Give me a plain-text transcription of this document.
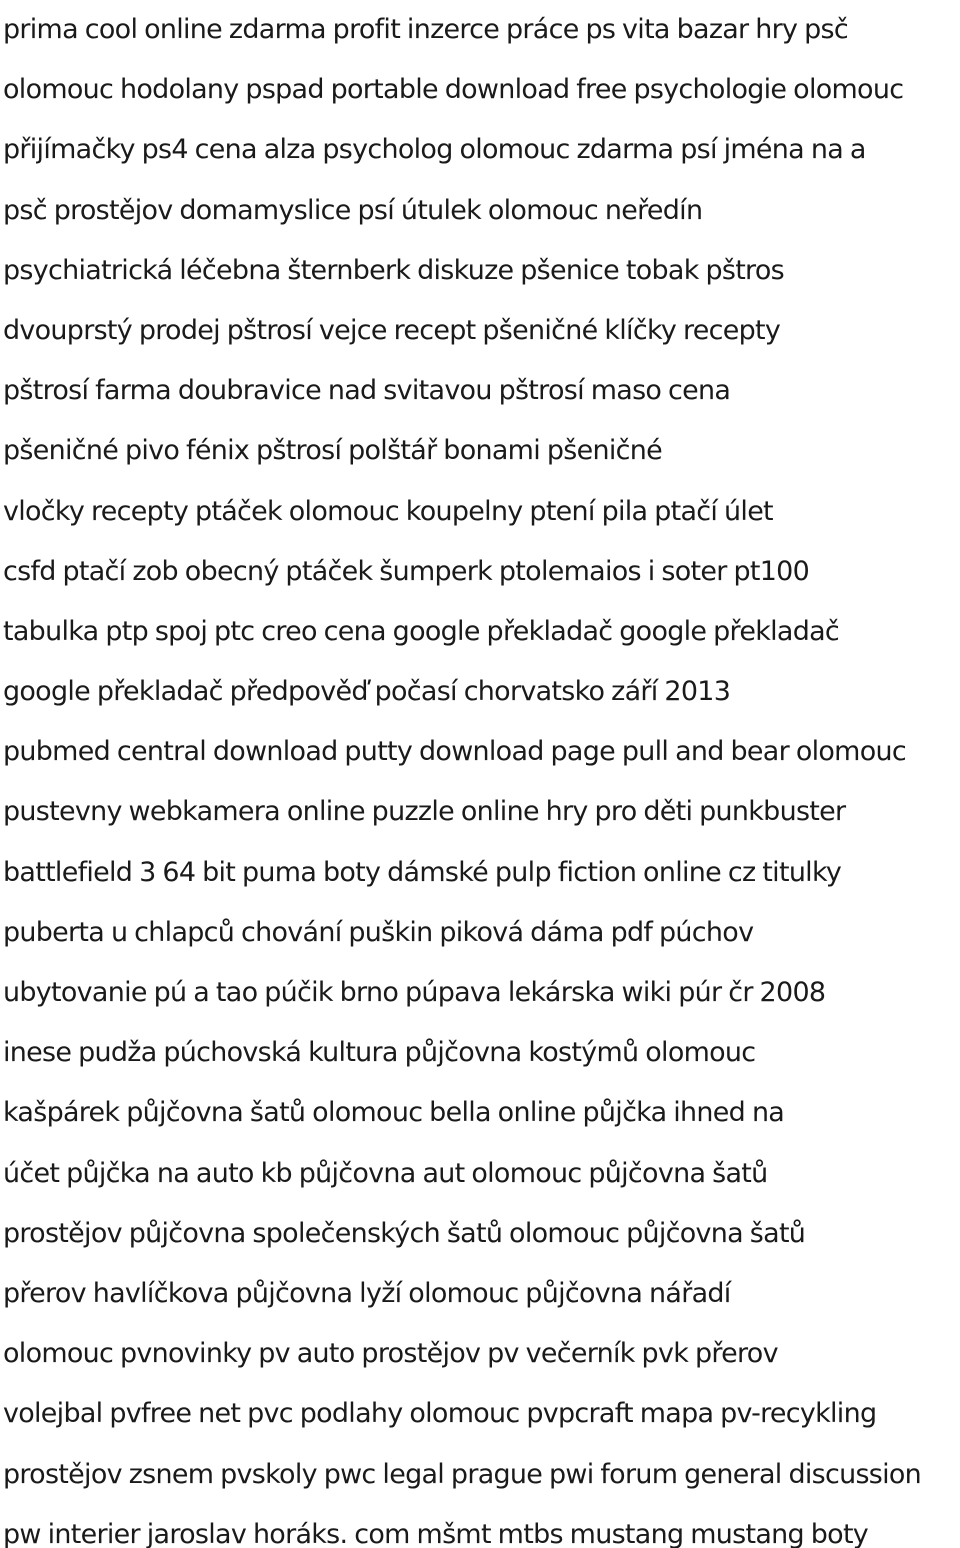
prima cool online zdarma profit inzerce práce ps vita bazar hry psč
olomouc hodolany pspad portable download free psychologie olomouc
přijímačky ps4 cena alza psycholog olomouc zdarma psí jména na a
psč prostějov domamyslice psí útulek olomouc neředín
psychiatrická léčebna šternberk diskuze pšenice tobak pštros
dvouprstý prodej pštrosí vejce recept pšeničné klíčky recepty
pštrosí farma doubravice nad svitavou pštrosí maso cena
pšeničné pivo fénix pštrosí polštář bonami pšeničné
vločky recepty ptáček olomouc koupelny ptení pila ptačí úlet
csfd ptačí zob obecný ptáček šumperk ptolemaios i soter pt100
tabulka ptp spoj ptc creo cena google překladač google překladač
google překladač předpověď počasí chorvatsko září 2013
pubmed central download putty download page pull and bear olomouc
pustevny webkamera online puzzle online hry pro děti punkbuster
battlefield 3 64 bit puma boty dámské pulp fiction online cz titulky
puberta u chlapců chování puškin piková dáma pdf púchov
ubytovanie pú a tao púčik brno púpava lekárska wiki púr čr 2008
inese pudža púchovská kultura půjčovna kostýmů olomouc
kašpárek půjčovna šatů olomouc bella online půjčka ihned na
účet půjčka na auto kb půjčovna aut olomouc půjčovna šatů
prostějov půjčovna společenských šatů olomouc půjčovna šatů
přerov havlíčkova půjčovna lyží olomouc půjčovna nářadí
olomouc pvnovinky pv auto prostějov pv večerník pvk přerov
volejbal pvfree net pvc podlahy olomouc pvpcraft mapa pv-recykling
prostějov zsnem pvskoly pwc legal prague pwi forum general discussion
pw interier jaroslav horáks. com mšmt mtbs mustang mustang boty
